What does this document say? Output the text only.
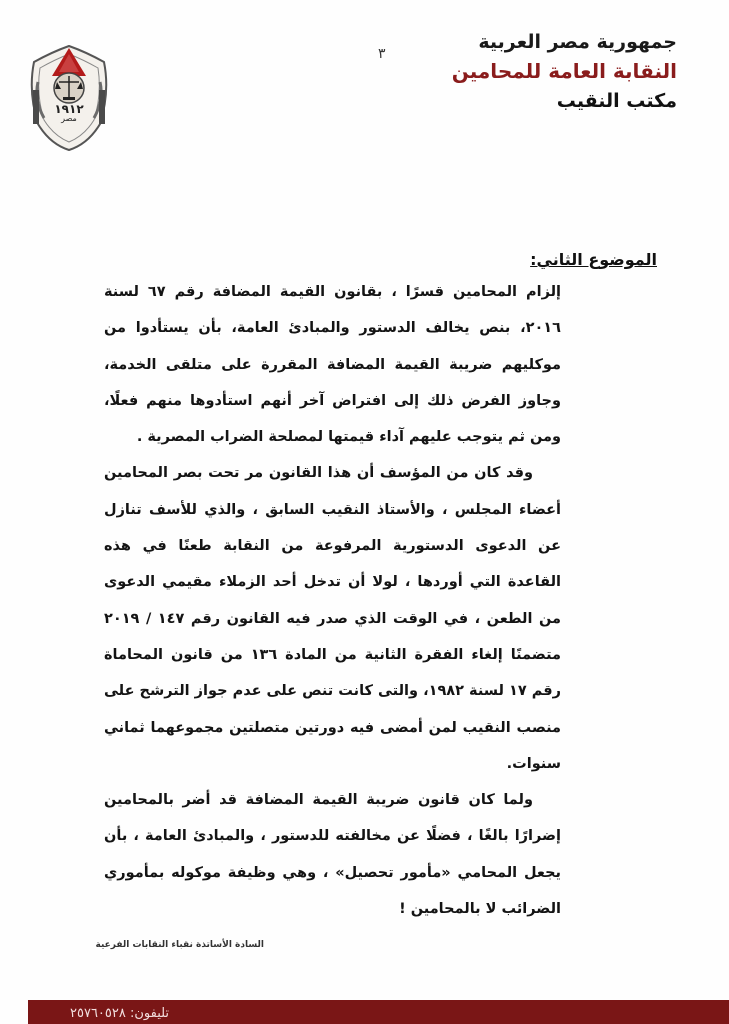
١٩١٢
مصر
٣
جمهورية مصر العربية
النقابة العامة للمحامين
مكتب النقيب
الموضوع الثاني:

إلزام المحامين قسرًا ، بقانون القيمة المضافة رقم ٦٧ لسنة ٢٠١٦، بنص يخالف الدستور والمبادئ العامة، بأن يستأدوا من موكليهم ضريبة القيمة المضافة المقررة على متلقى الخدمة، وجاوز الفرض ذلك إلى افتراض آخر أنهم استأدوها منهم فعلًا، ومن ثم يتوجب عليهم آداء قيمتها لمصلحة الضراب المصرية .

وقد كان من المؤسف أن هذا القانون مر تحت بصر المحامين أعضاء المجلس ، والأستاذ النقيب السابق ، والذي للأسف تنازل عن الدعوى الدستورية المرفوعة من النقابة طعنًا في هذه القاعدة التي أوردها ، لولا أن تدخل أحد الزملاء مقيمي الدعوى من الطعن ، في الوقت الذي صدر فيه القانون رقم ١٤٧ / ٢٠١٩ متضمنًا إلغاء الفقرة الثانية من المادة ١٣٦ من قانون المحاماة رقم ١٧ لسنة ١٩٨٢، والتى كانت تنص على عدم جواز الترشح على منصب النقيب لمن أمضى فيه دورتين متصلتين مجموعهما ثماني سنوات.

ولما كان قانون ضريبة القيمة المضافة قد أضر بالمحامين إضرارًا بالغًا ، فضلًا عن مخالفته للدستور ، والمبادئ العامة ، بأن يجعل المحامي «مأمور تحصيل» ، وهي وظيفة موكوله بمأموري الضرائب لا بالمحامين !

السادة الأساتذة نقباء النقابات الفرعية
تليفون: ٢٥٧٦٠٥٢٨
